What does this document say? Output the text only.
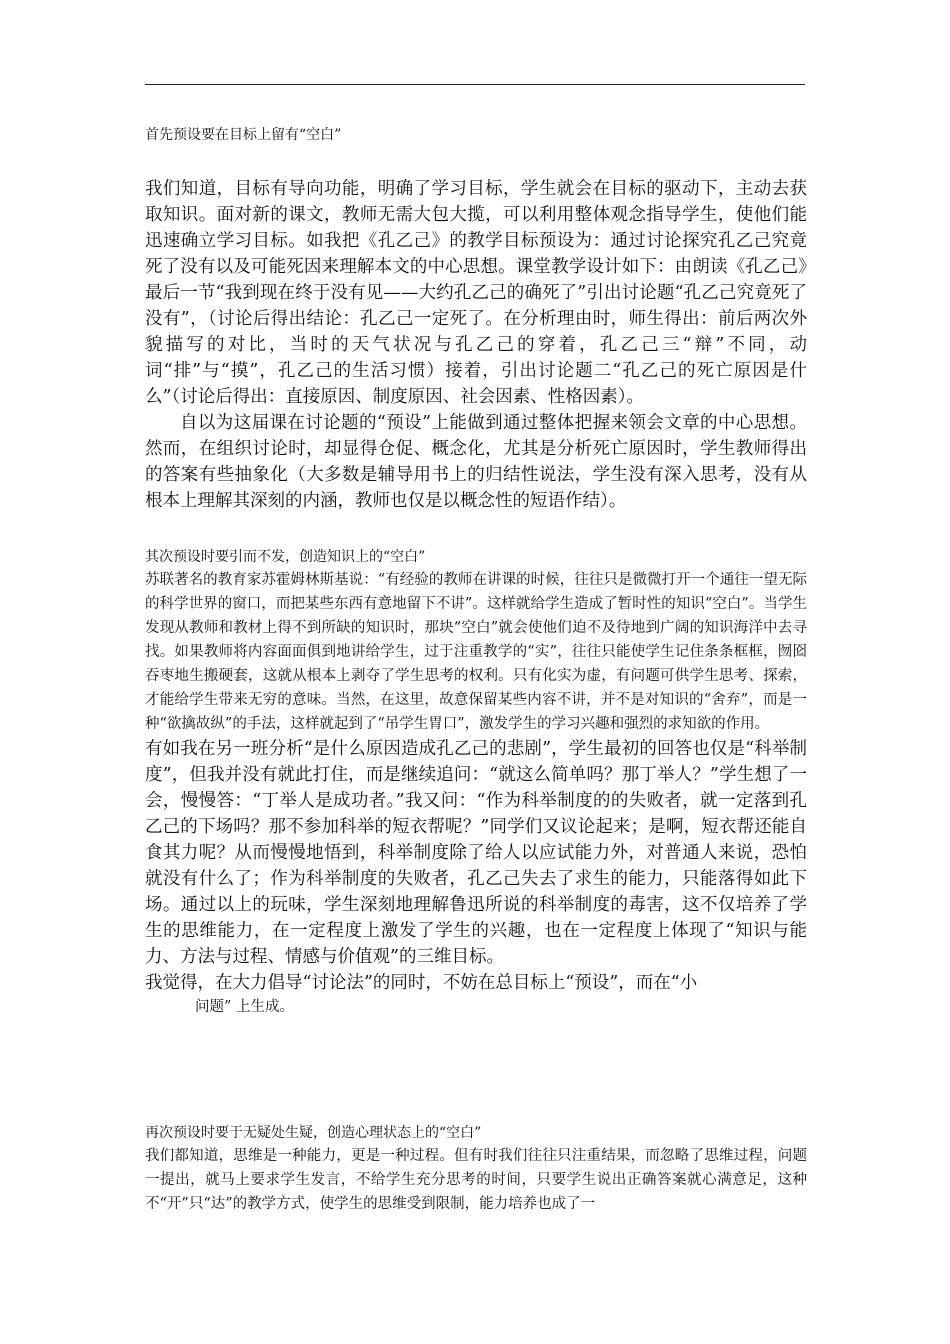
首先预设要在目标上留有“空白”

我们知道，目标有导向功能，明确了学习目标，学生就会在目标的驱动下，主动去获取知识。面对新的课文，教师无需大包大揽，可以利用整体观念指导学生，使他们能迅速确立学习目标。如我把《孔乙己》的教学目标预设为：通过讨论探究孔乙己究竟死了没有以及可能死因来理解本文的中心思想。课堂教学设计如下：由朗读《孔乙己》最后一节“我到现在终于没有见——大约孔乙己的确死了”引出讨论题“孔乙己究竟死了没有”，（讨论后得出结论：孔乙己一定死了。在分析理由时，师生得出：前后两次外貌描写的对比，当时的天气状况与孔乙己的穿着，孔乙己三“辩”不同，动词“排”与“摸”，孔乙己的生活习惯）接着，引出讨论题二“孔乙己的死亡原因是什么”（讨论后得出：直接原因、制度原因、社会因素、性格因素）。

自以为这届课在讨论题的“预设”上能做到通过整体把握来领会文章的中心思想。然而，在组织讨论时，却显得仓促、概念化，尤其是分析死亡原因时，学生教师得出的答案有些抽象化（大多数是辅导用书上的归结性说法，学生没有深入思考，没有从根本上理解其深刻的内涵，教师也仅是以概念性的短语作结）。

其次预设时要引而不发，创造知识上的“空白”

苏联著名的教育家苏霍姆林斯基说：“有经验的教师在讲课的时候，往往只是微微打开一个通往一望无际的科学世界的窗口，而把某些东西有意地留下不讲”。这样就给学生造成了暂时性的知识“空白”。当学生发现从教师和教材上得不到所缺的知识时，那块“空白”就会使他们迫不及待地到广阔的知识海洋中去寻找。如果教师将内容面面俱到地讲给学生，过于注重教学的“实”，往往只能使学生记住条条框框，囫囵吞枣地生搬硬套，这就从根本上剥夺了学生思考的权利。只有化实为虚，有问题可供学生思考、探索，才能给学生带来无穷的意味。当然，在这里，故意保留某些内容不讲，并不是对知识的“舍弃”，而是一种“欲擒故纵”的手法，这样就起到了“吊学生胃口”，激发学生的学习兴趣和强烈的求知欲的作用。

有如我在另一班分析“是什么原因造成孔乙己的悲剧”，学生最初的回答也仅是“科举制度”，但我并没有就此打住，而是继续追问：“就这么简单吗？那丁举人？”学生想了一会，慢慢答：“丁举人是成功者。”我又问：“作为科举制度的的失败者，就一定落到孔乙己的下场吗？那不参加科举的短衣帮呢？”同学们又议论起来；是啊，短衣帮还能自食其力呢？从而慢慢地悟到，科举制度除了给人以应试能力外，对普通人来说，恐怕就没有什么了；作为科举制度的失败者，孔乙己失去了求生的能力，只能落得如此下场。通过以上的玩味，学生深刻地理解鲁迅所说的科举制度的毒害，这不仅培养了学生的思维能力，在一定程度上激发了学生的兴趣，也在一定程度上体现了“知识与能力、方法与过程、情感与价值观”的三维目标。

我觉得，在大力倡导“讨论法”的同时，不妨在总目标上“预设”，而在“小

问题” 上生成。

再次预设时要于无疑处生疑，创造心理状态上的“空白”

我们都知道，思维是一种能力，更是一种过程。但有时我们往往只注重结果，而忽略了思维过程，问题一提出，就马上要求学生发言，不给学生充分思考的时间，只要学生说出正确答案就心满意足，这种不“开”只“达”的教学方式，使学生的思维受到限制，能力培养也成了一
